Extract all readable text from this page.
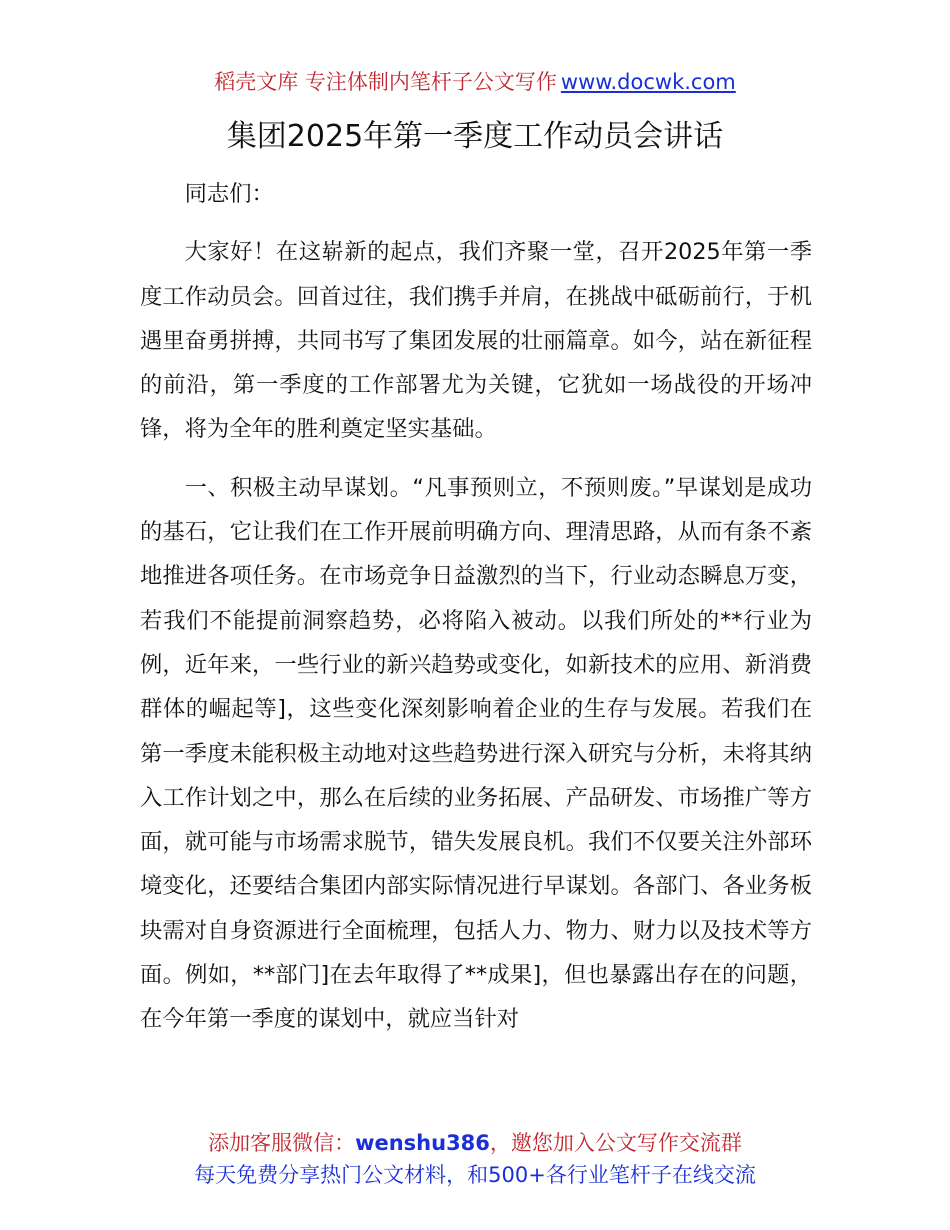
稻壳文库 专注体制内笔杆子公文写作 www.docwk.com
集团2025年第一季度工作动员会讲话

同志们：

大家好！在这崭新的起点，我们齐聚一堂，召开2025年第一季度工作动员会。回首过往，我们携手并肩，在挑战中砥砺前行，于机遇里奋勇拼搏，共同书写了集团发展的壮丽篇章。如今，站在新征程的前沿，第一季度的工作部署尤为关键，它犹如一场战役的开场冲锋，将为全年的胜利奠定坚实基础。

一、积极主动早谋划。“凡事预则立，不预则废。”早谋划是成功的基石，它让我们在工作开展前明确方向、理清思路，从而有条不紊地推进各项任务。在市场竞争日益激烈的当下，行业动态瞬息万变，若我们不能提前洞察趋势，必将陷入被动。以我们所处的**行业为例，近年来，一些行业的新兴趋势或变化，如新技术的应用、新消费群体的崛起等]，这些变化深刻影响着企业的生存与发展。若我们在第一季度未能积极主动地对这些趋势进行深入研究与分析，未将其纳入工作计划之中，那么在后续的业务拓展、产品研发、市场推广等方面，就可能与市场需求脱节，错失发展良机。我们不仅要关注外部环境变化，还要结合集团内部实际情况进行早谋划。各部门、各业务板块需对自身资源进行全面梳理，包括人力、物力、财力以及技术等方面。例如，**部门]在去年取得了**成果]，但也暴露出存在的问题，在今年第一季度的谋划中，就应当针对

添加客服微信：wenshu386，邀您加入公文写作交流群
每天免费分享热门公文材料，和500+各行业笔杆子在线交流
